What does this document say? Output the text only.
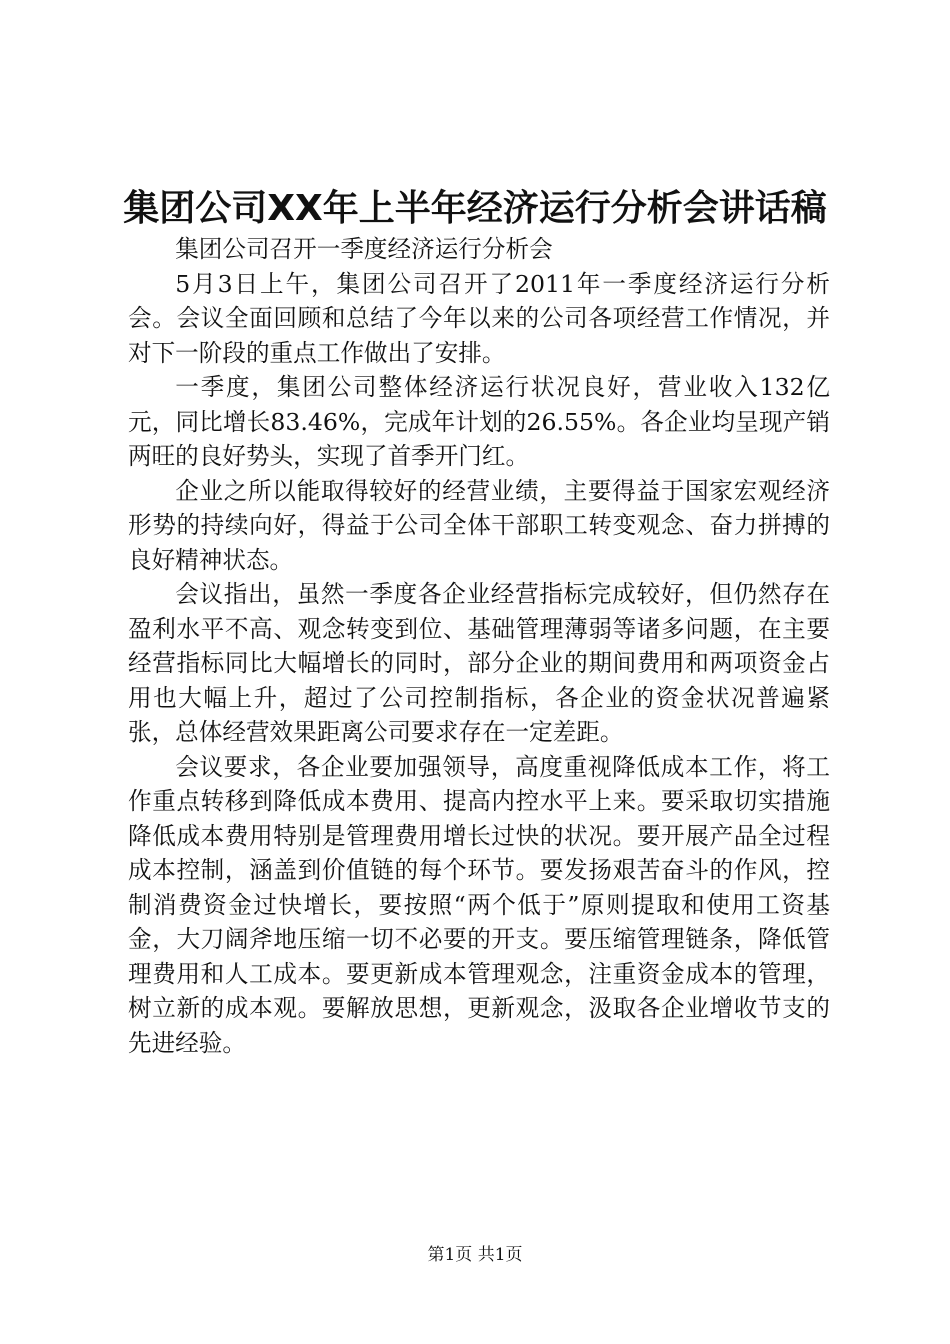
集团公司XX年上半年经济运行分析会讲话稿

集团公司召开一季度经济运行分析会

5月3日上午，集团公司召开了2011年一季度经济运行分析会。会议全面回顾和总结了今年以来的公司各项经营工作情况，并对下一阶段的重点工作做出了安排。

一季度，集团公司整体经济运行状况良好，营业收入132亿元，同比增长83.46%，完成年计划的26.55%。各企业均呈现产销两旺的良好势头，实现了首季开门红。

企业之所以能取得较好的经营业绩，主要得益于国家宏观经济形势的持续向好，得益于公司全体干部职工转变观念、奋力拼搏的良好精神状态。

会议指出，虽然一季度各企业经营指标完成较好，但仍然存在盈利水平不高、观念转变到位、基础管理薄弱等诸多问题，在主要经营指标同比大幅增长的同时，部分企业的期间费用和两项资金占用也大幅上升，超过了公司控制指标，各企业的资金状况普遍紧张，总体经营效果距离公司要求存在一定差距。

会议要求，各企业要加强领导，高度重视降低成本工作，将工作重点转移到降低成本费用、提高内控水平上来。要采取切实措施降低成本费用特别是管理费用增长过快的状况。要开展产品全过程成本控制，涵盖到价值链的每个环节。要发扬艰苦奋斗的作风，控制消费资金过快增长，要按照“两个低于”原则提取和使用工资基金，大刀阔斧地压缩一切不必要的开支。要压缩管理链条，降低管理费用和人工成本。要更新成本管理观念，注重资金成本的管理，树立新的成本观。要解放思想，更新观念，汲取各企业增收节支的先进经验。

第1页 共1页
